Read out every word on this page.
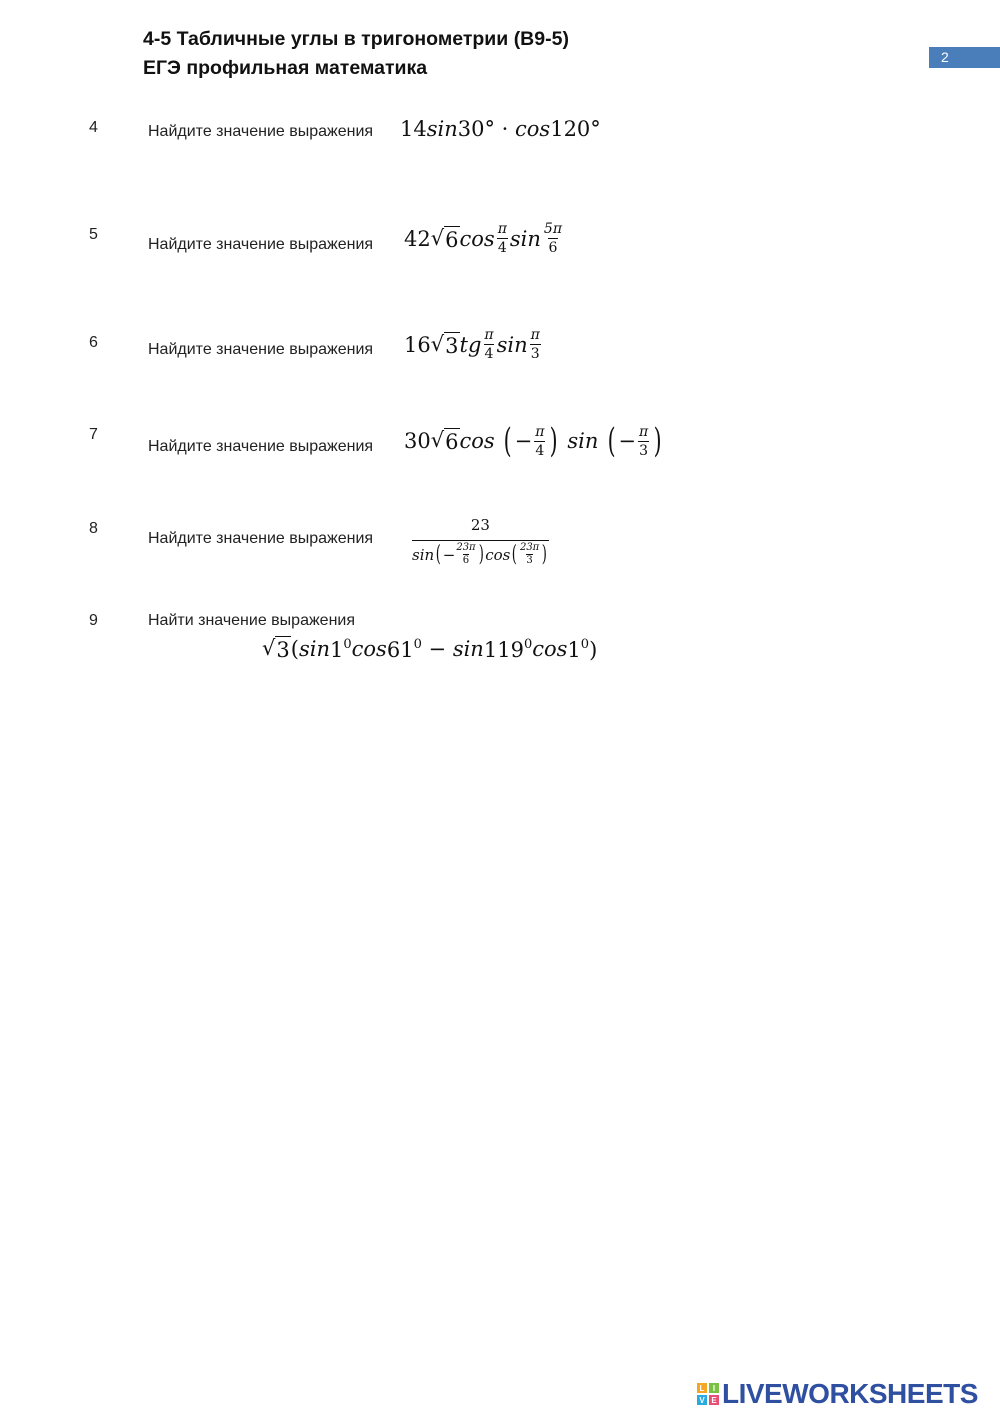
4-5 Табличные углы в тригонометрии (В9-5)
ЕГЭ профильная математика	2
4	Найдите значение выражения 14 sin 30° · cos 120°
5
Найдите значение выражения 42 √ 6 $\cos \frac{\pi}{4}$ $\sin \frac{5\pi}{6}$
6	Найдите значение выражения 16 √ 3 tg $\frac{\pi}{4}$ $\sin \frac{\pi}{3}$
7
Найдите значение выражения 30 √ 6 cos
( − $\frac{\pi}{4}$ )
sin
( − $\frac{\pi}{3}$ )
8
Найдите значение выражения
23
sin ( − $\frac{23\pi}{6}$ ) cos ( 23π
3 )
9	Найти значение выражения
√ 3 ( $\sin 1^0$ $\cos 61^0 - \sin 119^0$ $\cos 1^0$)
L	I
V E LIVEWORKSHEETS
